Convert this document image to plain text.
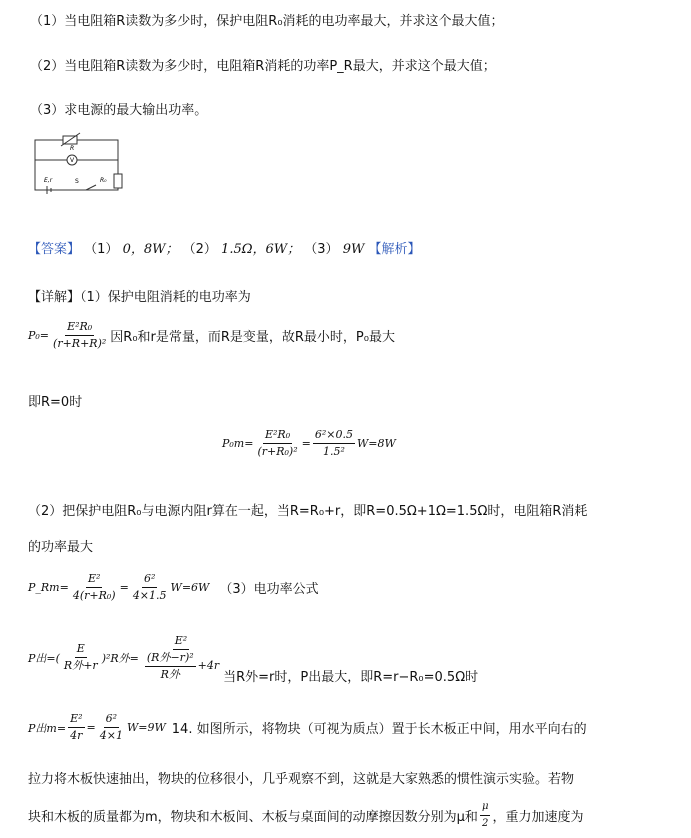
（1）当电阻箱R读数为多少时，保护电阻R₀消耗的电功率最大，并求这个最大值；
（2）当电阻箱R读数为多少时，电阻箱R消耗的功率P_R最大，并求这个最大值；
（3）求电源的最大输出功率。
R
V
R₀
E,r	S
【答案】 （1） 0，8W； （2） 1.5Ω，6W； （3） 9W 【解析】
【详解】（1）保护电阻消耗的电功率为
$P_0= \frac{\text{E²R₀}}{\text{(r+R+R)²}}$ 因R₀和r是常量，而R是变量，故R最小时，P₀最大
即R=0时
$P_0m= \frac{\text{E²R₀}}{\text{(r+R₀)²}} = \frac{\text{6²×0.5}}{\text{1.5²}} W=8W$
（2）把保护电阻R₀与电源内阻r算在一起，当R=R₀+r，即R=0.5Ω+1Ω=1.5Ω时，电阻箱R消耗
的功率最大
P_Rm= $\frac{\text{E²}}{\text{4(r+R₀)}} = \frac{\text{6²}}{4\times 1.5} W=6W$ （3）电功率公式
P出=( $\frac{E}{\text{R外+r}} )^2R$外= $\frac{\text{E²}}{\frac{\text{(R外−r)²}}{\text{R外}} +4r}$ 当R外=r时，P出最大，即R=r−R₀=0.5Ω时
P出$m= \frac{\text{E²}}{4r} = \frac{\text{6²}}{4\times 1} W=9W$ 14. 如图所示，将物块（可视为质点）置于长木板正中间，用水平向右的
拉力将木板快速抽出，物块的位移很小，几乎观察不到，这就是大家熟悉的惯性演示实验。若物
块和木板的质量都为m，物块和木板间、木板与桌面间的动摩擦因数分别为μ和 $\frac{\mu}{2}$ ，重力加速度为
